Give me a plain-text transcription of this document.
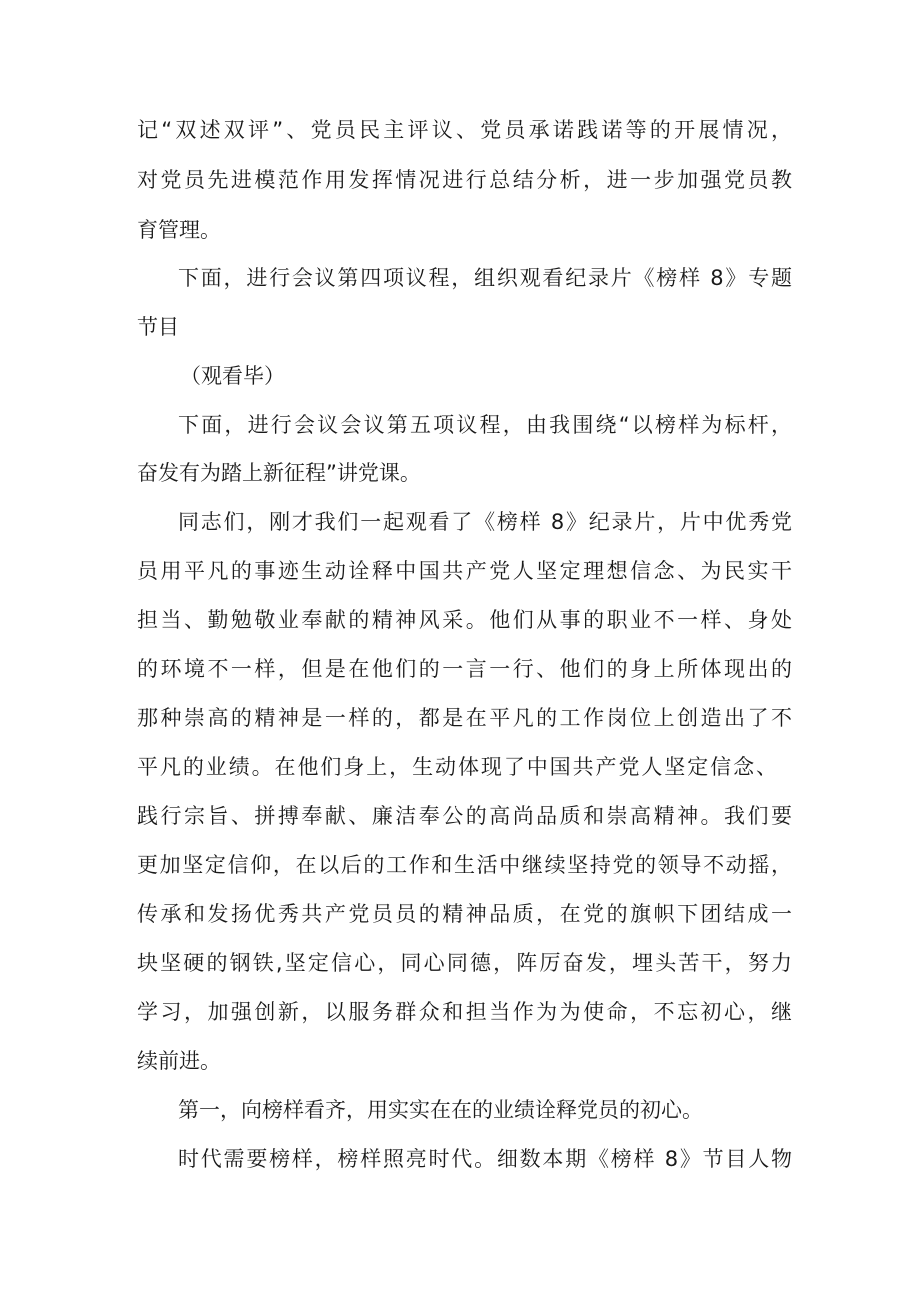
记“双述双评”、党员民主评议、党员承诺践诺等的开展情况，
对党员先进模范作用发挥情况进行总结分析，进一步加强党员教
育管理。
下面，进行会议第四项议程，组织观看纪录片《榜样 8》专题
节目
（观看毕）
下面，进行会议会议第五项议程，由我围绕“以榜样为标杆，
奋发有为踏上新征程”讲党课。
同志们，刚才我们一起观看了《榜样 8》纪录片，片中优秀党
员用平凡的事迹生动诠释中国共产党人坚定理想信念、为民实干
担当、勤勉敬业奉献的精神风采。他们从事的职业不一样、身处
的环境不一样，但是在他们的一言一行、他们的身上所体现出的
那种崇高的精神是一样的，都是在平凡的工作岗位上创造出了不
平凡的业绩。在他们身上，生动体现了中国共产党人坚定信念、
践行宗旨、拼搏奉献、廉洁奉公的高尚品质和崇高精神。我们要
更加坚定信仰，在以后的工作和生活中继续坚持党的领导不动摇，
传承和发扬优秀共产党员员的精神品质，在党的旗帜下团结成一
块坚硬的钢铁,坚定信心，同心同德，阵厉奋发，埋头苦干，努力
学习，加强创新，以服务群众和担当作为为使命，不忘初心，继
续前进。
第一，向榜样看齐，用实实在在的业绩诠释党员的初心。
时代需要榜样，榜样照亮时代。细数本期《榜样 8》节目人物
